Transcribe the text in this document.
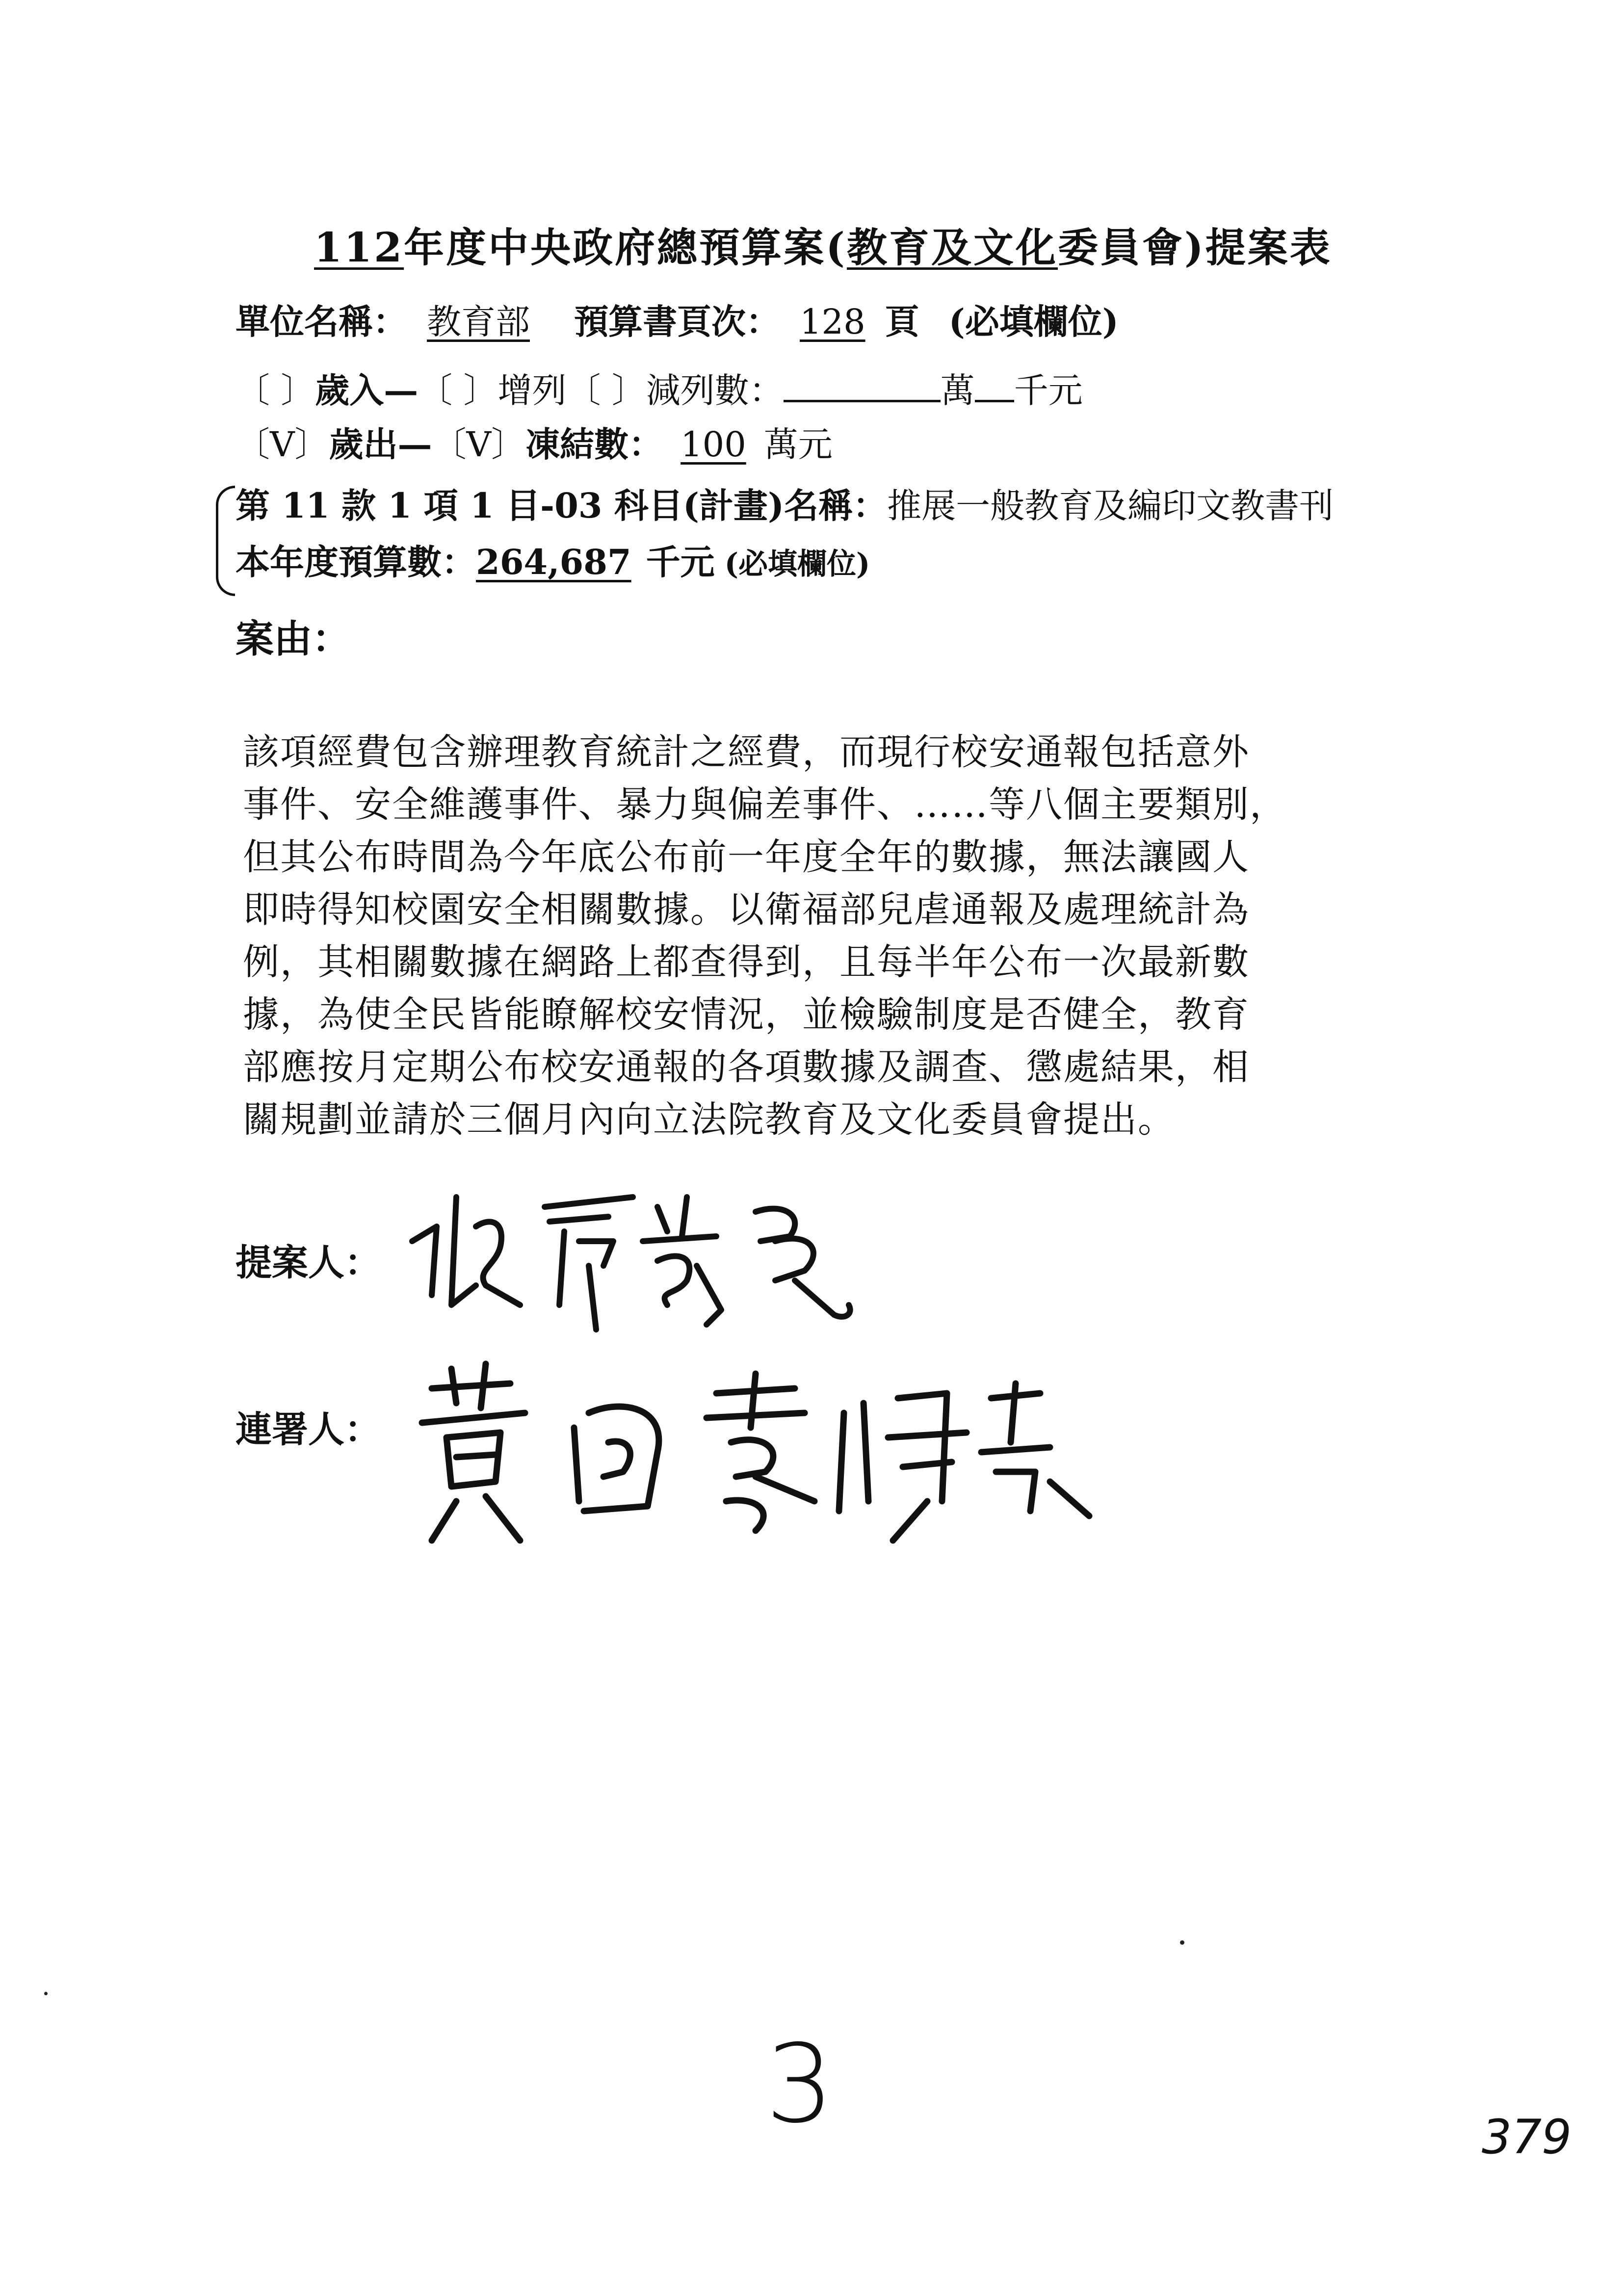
112年度中央政府總預算案(教育及文化委員會)提案表
單位名稱： 教育部 預算書頁次： 128 頁 (必填欄位)
〔 〕歲入—〔 〕增列〔 〕減列數：	萬 千元
〔V〕歲出—〔V〕凍結數： 100 萬元
第 11 款 1 項 1 目-03 科目(計畫)名稱：推展一般教育及編印文教書刊
本年度預算數：264,687 千元 (必填欄位)
案由：
該項經費包含辦理教育統計之經費，而現行校安通報包括意外
事件、安全維護事件、暴力與偏差事件、……等八個主要類別，
但其公布時間為今年底公布前一年度全年的數據，無法讓國人
即時得知校園安全相關數據。以衛福部兒虐通報及處理統計為
例，其相關數據在網路上都查得到，且每半年公布一次最新數
據，為使全民皆能瞭解校安情況，並檢驗制度是否健全，教育
部應按月定期公布校安通報的各項數據及調查、懲處結果，相
關規劃並請於三個月內向立法院教育及文化委員會提出。
提案人：
連署人：
3	379
